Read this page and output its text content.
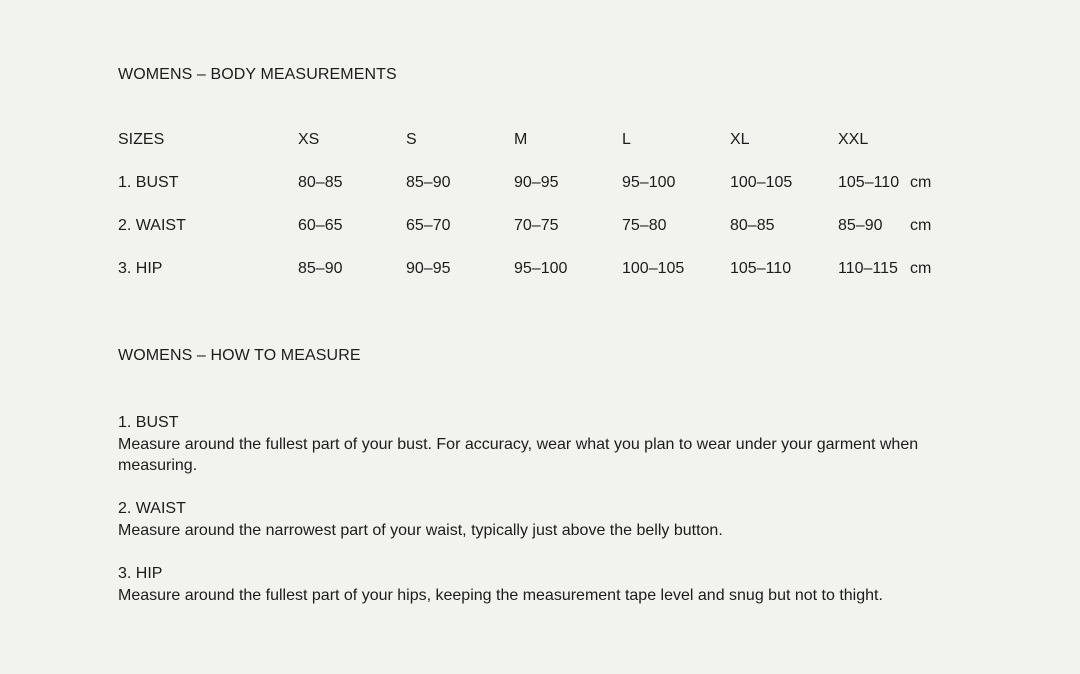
WOMENS – BODY MEASUREMENTS
SIZES	XS	S	M	L	XL	XXL	
1. BUST	80–85	85–90	90–95	95–100	100–105	105–110	cm
2. WAIST	60–65	65–70	70–75	75–80	80–85	85–90	cm
3. HIP	85–90	90–95	95–100	100–105	105–110	110–115	cm
WOMENS – HOW TO MEASURE
1. BUST
Measure around the fullest part of your bust. For accuracy, wear what you plan to wear under your garment when measuring.
2. WAIST
Measure around the narrowest part of your waist, typically just above the belly button.
3. HIP
Measure around the fullest part of your hips, keeping the measurement tape level and snug but not to thight.
